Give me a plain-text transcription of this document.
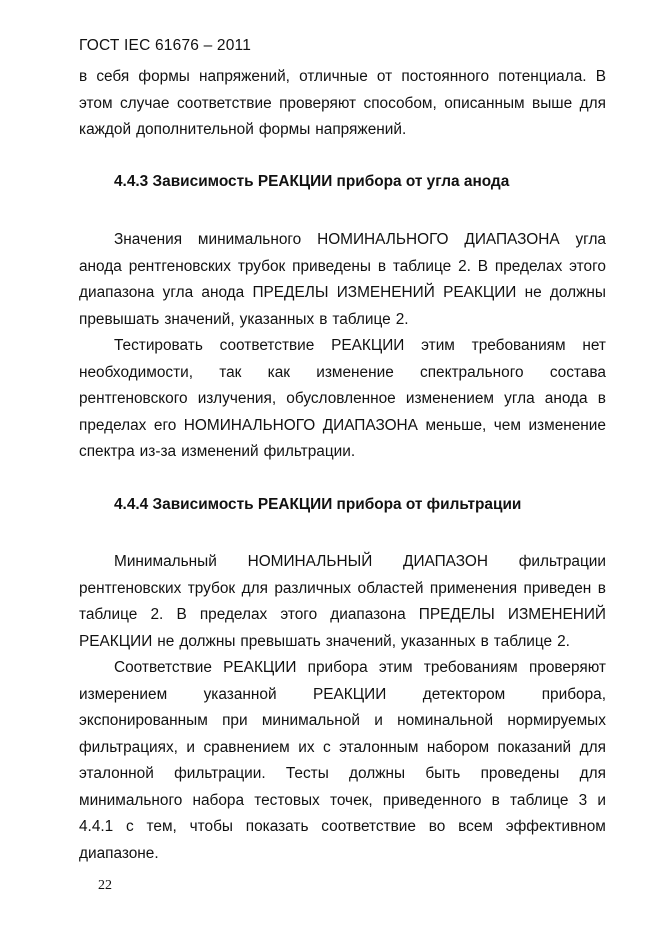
ГОСТ IEC 61676 – 2011
в себя формы напряжений, отличные от постоянного потенциала. В
этом случае соответствие проверяют способом, описанным выше для
каждой дополнительной формы напряжений.
4.4.3 Зависимость РЕАКЦИИ прибора от угла анода
Значения минимального НОМИНАЛЬНОГО ДИАПАЗОНА угла
анода рентгеновских трубок приведены в таблице 2. В пределах этого
диапазона угла анода ПРЕДЕЛЫ ИЗМЕНЕНИЙ РЕАКЦИИ не должны
превышать значений, указанных в таблице 2.
Тестировать соответствие РЕАКЦИИ этим требованиям нет
необходимости, так как изменение спектрального состава
рентгеновского излучения, обусловленное изменением угла анода в
пределах его НОМИНАЛЬНОГО ДИАПАЗОНА меньше, чем изменение
спектра из-за изменений фильтрации.
4.4.4 Зависимость РЕАКЦИИ прибора от фильтрации
Минимальный НОМИНАЛЬНЫЙ ДИАПАЗОН фильтрации
рентгеновских трубок для различных областей применения приведен в
таблице 2. В пределах этого диапазона ПРЕДЕЛЫ ИЗМЕНЕНИЙ
РЕАКЦИИ не должны превышать значений, указанных в таблице 2.
Соответствие РЕАКЦИИ прибора этим требованиям проверяют
измерением указанной РЕАКЦИИ детектором прибора,
экспонированным при минимальной и номинальной нормируемых
фильтрациях, и сравнением их с эталонным набором показаний для
эталонной фильтрации. Тесты должны быть проведены для
минимального набора тестовых точек, приведенного в таблице 3 и
4.4.1 с тем, чтобы показать соответствие во всем эффективном
диапазоне.
22
